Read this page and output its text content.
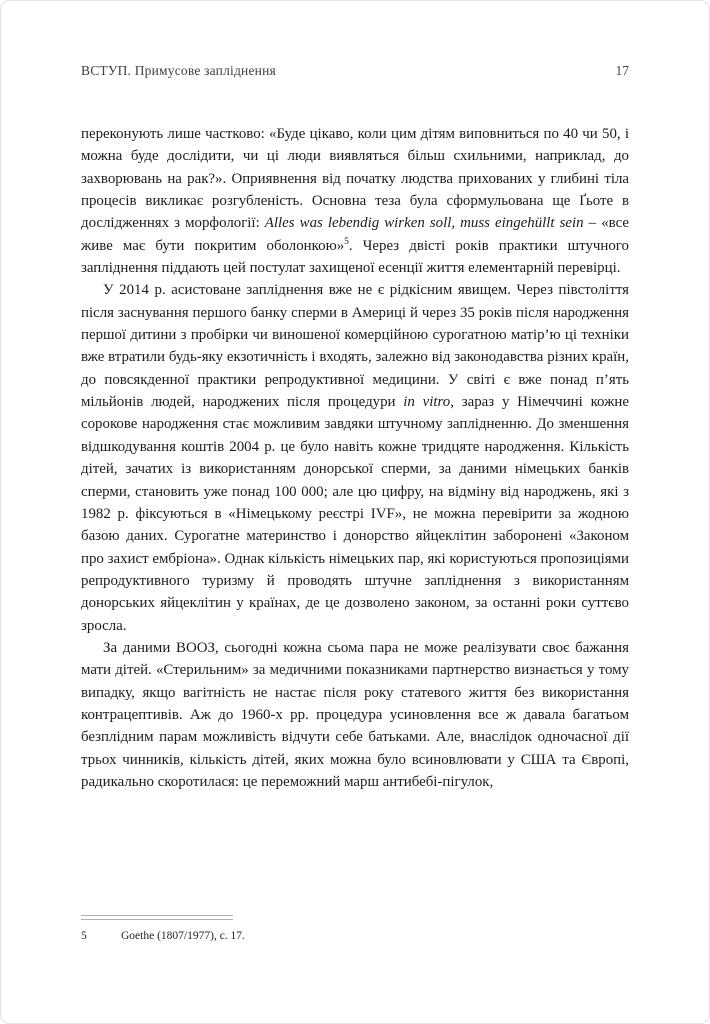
ВСТУП. Примусове запліднення	17

переконують лише частково: «Буде цікаво, коли цим дітям виповниться по 40 чи 50, і можна буде дослідити, чи ці люди виявляться більш схильними, наприклад, до захворювань на рак?». Оприявнення від початку людства прихованих у глибині тіла процесів викликає розгубленість. Основна теза була сформульована ще Ґьоте в дослідженнях з морфології: Alles was lebendig wirken soll, muss eingehüllt sein – «все живе має бути покритим оболонкою»$^5$. Через двісті років практики штучного запліднення піддають цей постулат захищеної есенції життя елементарній перевірці.

У 2014 р. асистоване запліднення вже не є рідкісним явищем. Через півстоліття після заснування першого банку сперми в Америці й через 35 років після народження першої дитини з пробірки чи виношеної комерційною сурогатною матір’ю ці техніки вже втратили будь-яку екзотичність і входять, залежно від законодавства різних країн, до повсякденної практики репродуктивної медицини. У світі є вже понад п’ять мільйонів людей, народжених після процедури in vitro, зараз у Німеччині кожне сорокове народження стає можливим завдяки штучному заплідненню. До зменшення відшкодування коштів 2004 р. це було навіть кожне тридцяте народження. Кількість дітей, зачатих із використанням донорської сперми, за даними німецьких банків сперми, становить уже понад 100 000; але цю цифру, на відміну від народжень, які з 1982 р. фіксуються в «Німецькому реєстрі IVF», не можна перевірити за жодною базою даних. Сурогатне материнство і донорство яйцеклітин заборонені «Законом про захист ембріона». Однак кількість німецьких пар, які користуються пропозиціями репродуктивного туризму й проводять штучне запліднення з використанням донорських яйцеклітин у країнах, де це дозволено законом, за останні роки суттєво зросла.

За даними ВООЗ, сьогодні кожна сьома пара не може реалізувати своє бажання мати дітей. «Стерильним» за медичними показниками партнерство визнається у тому випадку, якщо вагітність не настає після року статевого життя без використання контрацептивів. Аж до 1960-х рр. процедура усиновлення все ж давала багатьом безплідним парам можливість відчути себе батьками. Але, внаслідок одночасної дії трьох чинників, кількість дітей, яких можна було всиновлювати у США та Європі, радикально скоротилася: це переможний марш антибебі-пігулок,

5	Goethe (1807/1977), с. 17.
